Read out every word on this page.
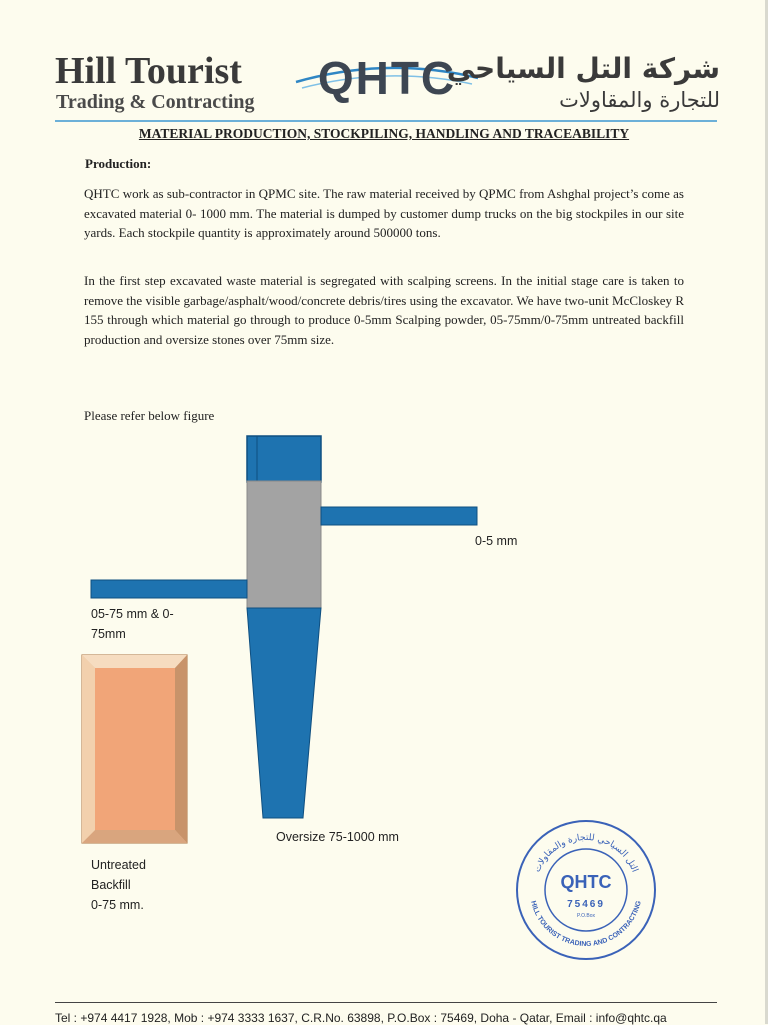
Hill Tourist
Trading & Contracting QHTC
شركة التل السياحي
للتجارة والمقاولات
MATERIAL PRODUCTION, STOCKPILING, HANDLING AND TRACEABILITY
Production:

QHTC work as sub-contractor in QPMC site. The raw material received by QPMC from Ashghal project’s come as excavated material 0- 1000 mm. The material is dumped by customer dump trucks on the big stockpiles in our site yards. Each stockpile quantity is approximately around 500000 tons.

In the first step excavated waste material is segregated with scalping screens. In the initial stage care is taken to remove the visible garbage/asphalt/wood/concrete debris/tires using the excavator. We have two-unit McCloskey R 155 through which material go through to produce 0-5mm Scalping powder, 05-75mm/0-75mm untreated backfill production and oversize stones over 75mm size.

Please refer below figure
0-5 mm
05-75 mm & 0-
75mm
Oversize 75-1000 mm
Untreated
Backfill
0-75 mm.
التل السياحي للتجارة والمقاولات
HILL TOURIST TRADING AND CONTRACTING
QHTC
75469
P.O.Box
Tel : +974 4417 1928, Mob : +974 3333 1637, C.R.No. 63898, P.O.Box : 75469, Doha - Qatar, Email : info@qhtc.qa
